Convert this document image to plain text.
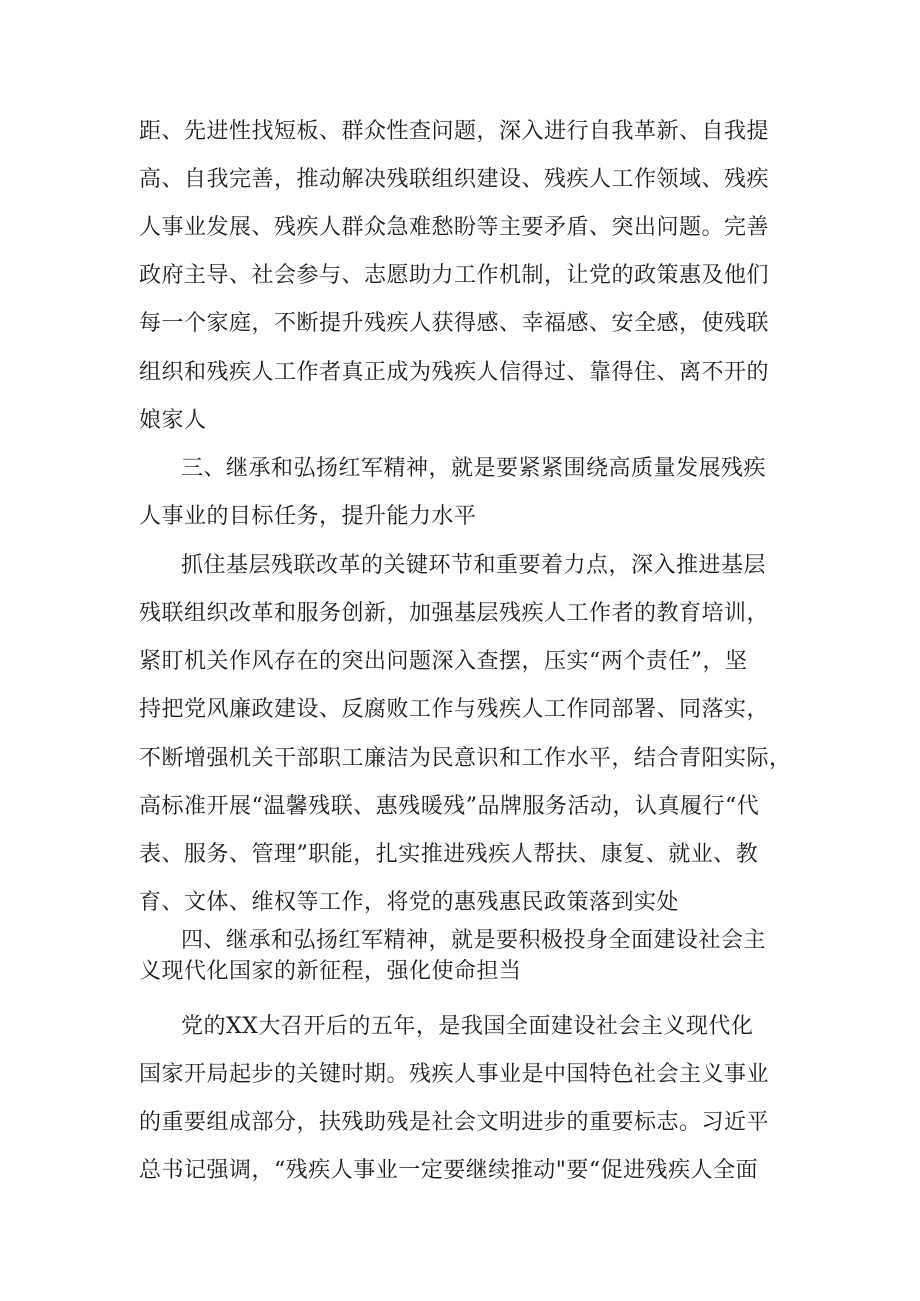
距、先进性找短板、群众性查问题，深入进行自我革新、自我提
高、自我完善，推动解决残联组织建设、残疾人工作领域、残疾
人事业发展、残疾人群众急难愁盼等主要矛盾、突出问题。完善
政府主导、社会参与、志愿助力工作机制，让党的政策惠及他们
每一个家庭，不断提升残疾人获得感、幸福感、安全感，使残联
组织和残疾人工作者真正成为残疾人信得过、靠得住、离不开的
娘家人
三、继承和弘扬红军精神，就是要紧紧围绕高质量发展残疾
人事业的目标任务，提升能力水平
抓住基层残联改革的关键环节和重要着力点，深入推进基层
残联组织改革和服务创新，加强基层残疾人工作者的教育培训，
紧盯机关作风存在的突出问题深入查摆，压实“两个责任”，坚
持把党风廉政建设、反腐败工作与残疾人工作同部署、同落实，
不断增强机关干部职工廉洁为民意识和工作水平，结合青阳实际，
高标准开展“温馨残联、惠残暖残”品牌服务活动，认真履行“代
表、服务、管理”职能，扎实推进残疾人帮扶、康复、就业、教
育、文体、维权等工作，将党的惠残惠民政策落到实处
四、继承和弘扬红军精神，就是要积极投身全面建设社会主
义现代化国家的新征程，强化使命担当
党的XX大召开后的五年，是我国全面建设社会主义现代化
国家开局起步的关键时期。残疾人事业是中国特色社会主义事业
的重要组成部分，扶残助残是社会文明进步的重要标志。习近平
总书记强调，“残疾人事业一定要继续推动"要“促进残疾人全面
